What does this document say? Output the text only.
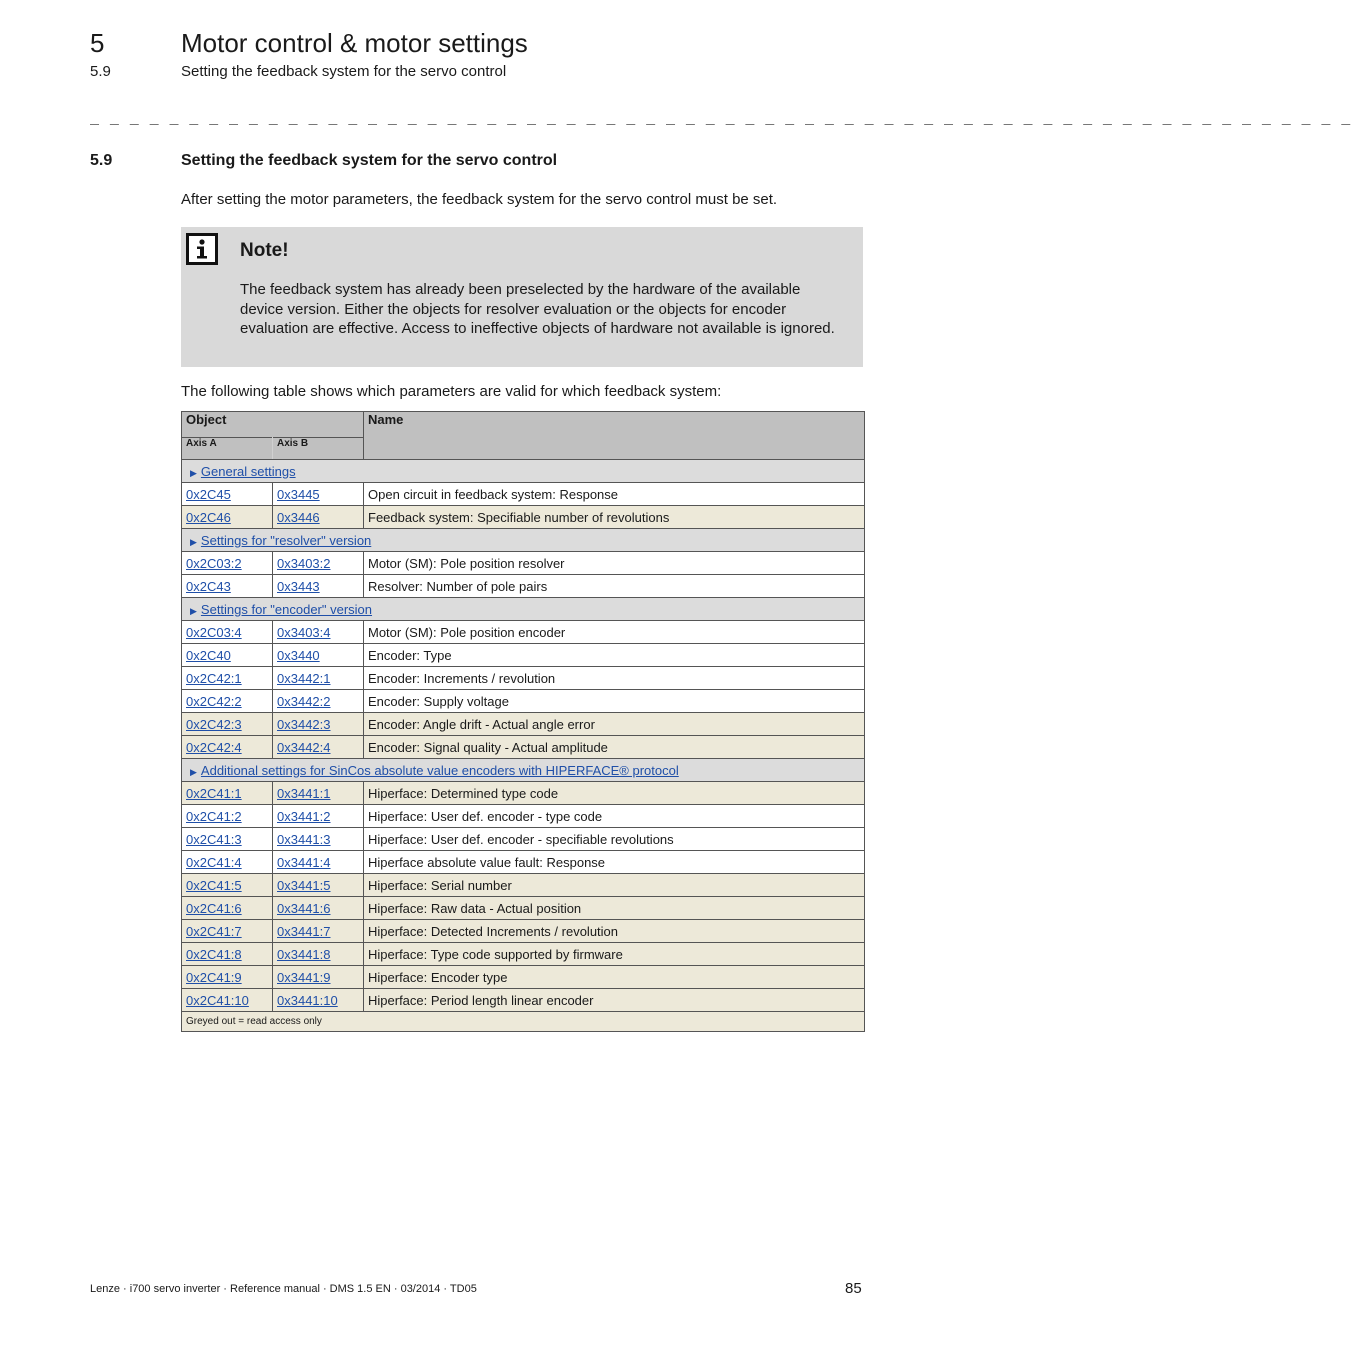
5	Motor control & motor settings
5.9	Setting the feedback system for the servo control
_ _ _ _ _ _ _ _ _ _ _ _ _ _ _ _ _ _ _ _ _ _ _ _ _ _ _ _ _ _ _ _ _ _ _ _ _ _ _ _ _ _ _ _ _ _ _ _ _ _ _ _ _ _ _ _ _ _ _ _ _ _ _ _
5.9	Setting the feedback system for the servo control
After setting the motor parameters, the feedback system for the servo control must be set.
Note!
The feedback system has already been preselected by the hardware of the available device version. Either the objects for resolver evaluation or the objects for encoder evaluation are effective. Access to ineffective objects of hardware not available is ignored.
The following table shows which parameters are valid for which feedback system:
Object		Name
Axis A	Axis B	
▶ General settings		
0x2C45	0x3445	Open circuit in feedback system: Response
0x2C46	0x3446	Feedback system: Specifiable number of revolutions
▶ Settings for "resolver" version		
0x2C03:2	0x3403:2	Motor (SM): Pole position resolver
0x2C43	0x3443	Resolver: Number of pole pairs
▶ Settings for "encoder" version		
0x2C03:4	0x3403:4	Motor (SM): Pole position encoder
0x2C40	0x3440	Encoder: Type
0x2C42:1	0x3442:1	Encoder: Increments / revolution
0x2C42:2	0x3442:2	Encoder: Supply voltage
0x2C42:3	0x3442:3	Encoder: Angle drift - Actual angle error
0x2C42:4	0x3442:4	Encoder: Signal quality - Actual amplitude
▶ Additional settings for SinCos absolute value encoders with HIPERFACE® protocol		
0x2C41:1	0x3441:1	Hiperface: Determined type code
0x2C41:2	0x3441:2	Hiperface: User def. encoder - type code
0x2C41:3	0x3441:3	Hiperface: User def. encoder - specifiable revolutions
0x2C41:4	0x3441:4	Hiperface absolute value fault: Response
0x2C41:5	0x3441:5	Hiperface: Serial number
0x2C41:6	0x3441:6	Hiperface: Raw data - Actual position
0x2C41:7	0x3441:7	Hiperface: Detected Increments / revolution
0x2C41:8	0x3441:8	Hiperface: Type code supported by firmware
0x2C41:9	0x3441:9	Hiperface: Encoder type
0x2C41:10	0x3441:10	Hiperface: Period length linear encoder
Greyed out = read access only		
Lenze · i700 servo inverter · Reference manual · DMS 1.5 EN · 03/2014 · TD05	85
